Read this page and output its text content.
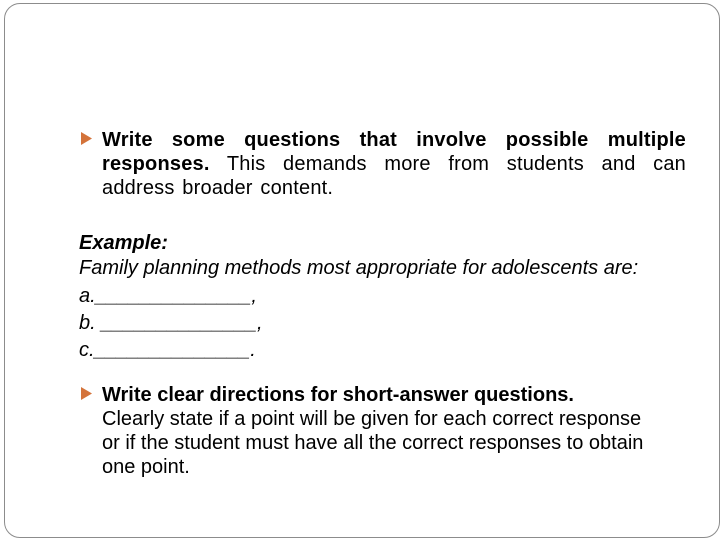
Write some questions that involve possible multiple responses. This demands more from students and can address broader content.
Example:
Family planning methods most appropriate for adolescents are:
a.______________,
b. ______________,
c.______________.
Write clear directions for short-answer questions.
Clearly state if a point will be given for each correct response or if the student must have all the correct responses to obtain one point.
